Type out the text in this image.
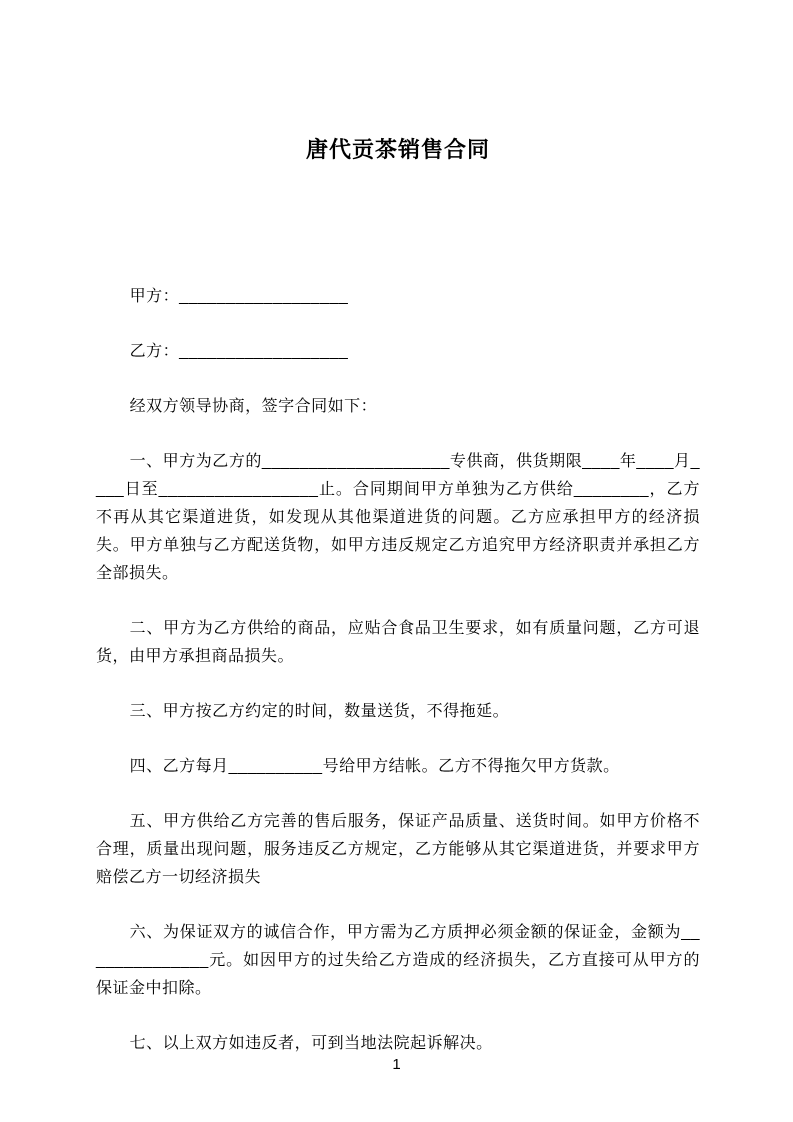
唐代贡茶销售合同

甲方：__________________

乙方：__________________

经双方领导协商，签字合同如下：

一、甲方为乙方的____________________专供商，供货期限____年____月____日至_________________止。合同期间甲方单独为乙方供给________，乙方不再从其它渠道进货，如发现从其他渠道进货的问题。乙方应承担甲方的经济损失。甲方单独与乙方配送货物，如甲方违反规定乙方追究甲方经济职责并承担乙方全部损失。

二、甲方为乙方供给的商品，应贴合食品卫生要求，如有质量问题，乙方可退货，由甲方承担商品损失。

三、甲方按乙方约定的时间，数量送货，不得拖延。

四、乙方每月__________号给甲方结帐。乙方不得拖欠甲方货款。

五、甲方供给乙方完善的售后服务，保证产品质量、送货时间。如甲方价格不合理，质量出现问题，服务违反乙方规定，乙方能够从其它渠道进货，并要求甲方赔偿乙方一切经济损失

六、为保证双方的诚信合作，甲方需为乙方质押必须金额的保证金，金额为______________元。如因甲方的过失给乙方造成的经济损失，乙方直接可从甲方的保证金中扣除。

七、以上双方如违反者，可到当地法院起诉解决。

1
